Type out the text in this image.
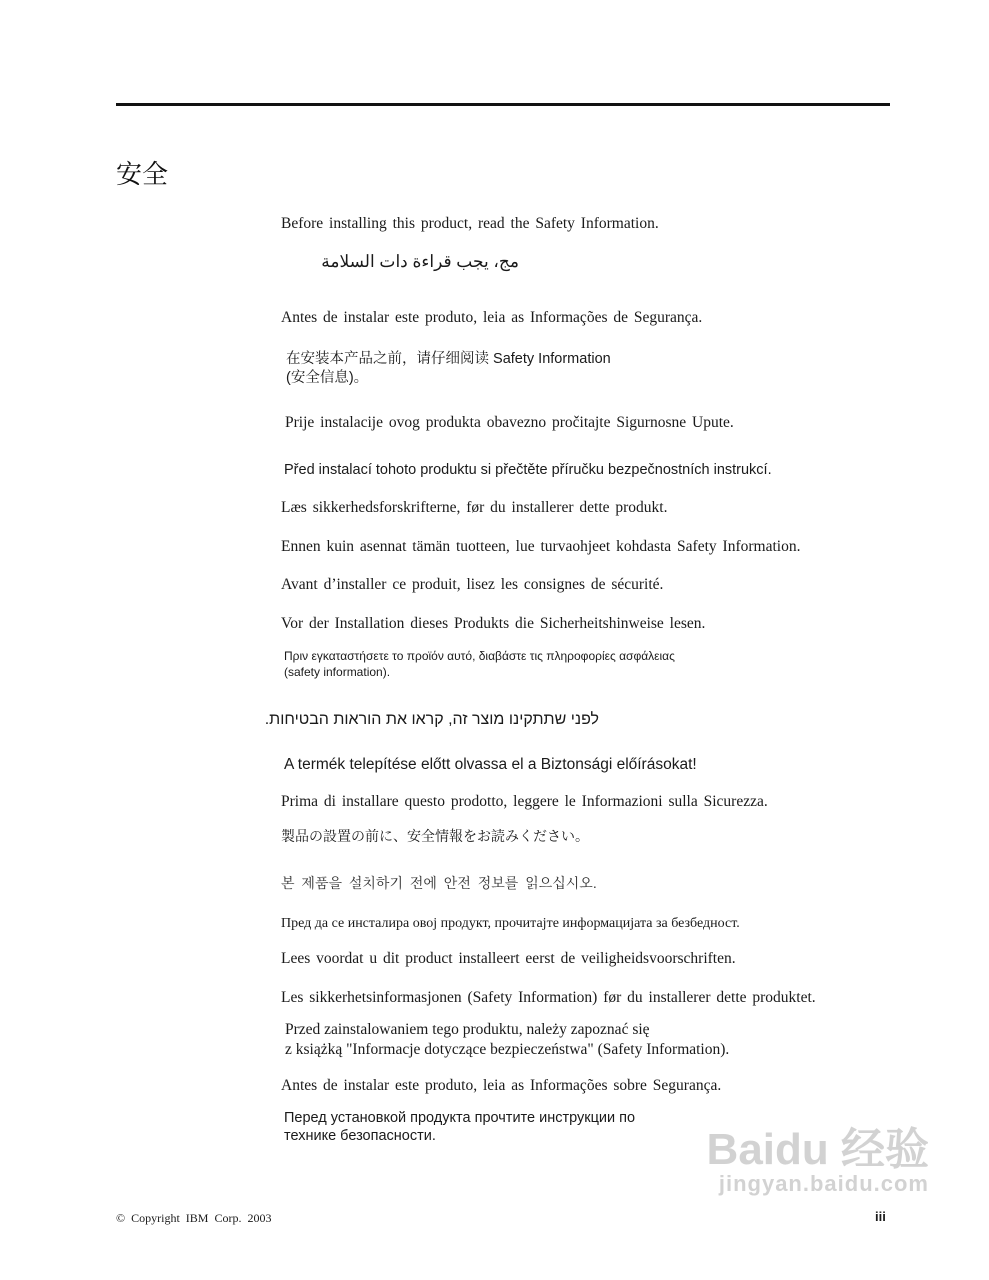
安全
Before installing this product, read the Safety Information.
مج، يجب قراءة دات السلامة
Antes de instalar este produto, leia as Informações de Segurança.
在安装本产品之前，请仔细阅读 Safety Information
(安全信息)。
Prije instalacije ovog produkta obavezno pročitajte Sigurnosne Upute.
Před instalací tohoto produktu si přečtěte příručku bezpečnostních instrukcí.
Læs sikkerhedsforskrifterne, før du installerer dette produkt.
Ennen kuin asennat tämän tuotteen, lue turvaohjeet kohdasta Safety Information.
Avant d’installer ce produit, lisez les consignes de sécurité.
Vor der Installation dieses Produkts die Sicherheitshinweise lesen.
Πριν εγκαταστήσετε το προϊόν αυτό, διαβάστε τις πληροφορίες ασφάλειας
(safety information).
לפני שתתקינו מוצר זה, קראו את הוראות הבטיחות.
A termék telepítése előtt olvassa el a Biztonsági előírásokat!
Prima di installare questo prodotto, leggere le Informazioni sulla Sicurezza.
製品の設置の前に、安全情報をお読みください。
본 제품을 설치하기 전에 안전 정보를 읽으십시오.
Пред да се инсталира овој продукт, прочитајте информацијата за безбедност.
Lees voordat u dit product installeert eerst de veiligheidsvoorschriften.
Les sikkerhetsinformasjonen (Safety Information) før du installerer dette produktet.
Przed zainstalowaniem tego produktu, należy zapoznać się
z książką "Informacje dotyczące bezpieczeństwa" (Safety Information).
Antes de instalar este produto, leia as Informações sobre Segurança.
Перед установкой продукта прочтите инструкции по
технике безопасности.	Baidu 经验
jingyan.baidu.com
© Copyright IBM Corp. 2003	iii
